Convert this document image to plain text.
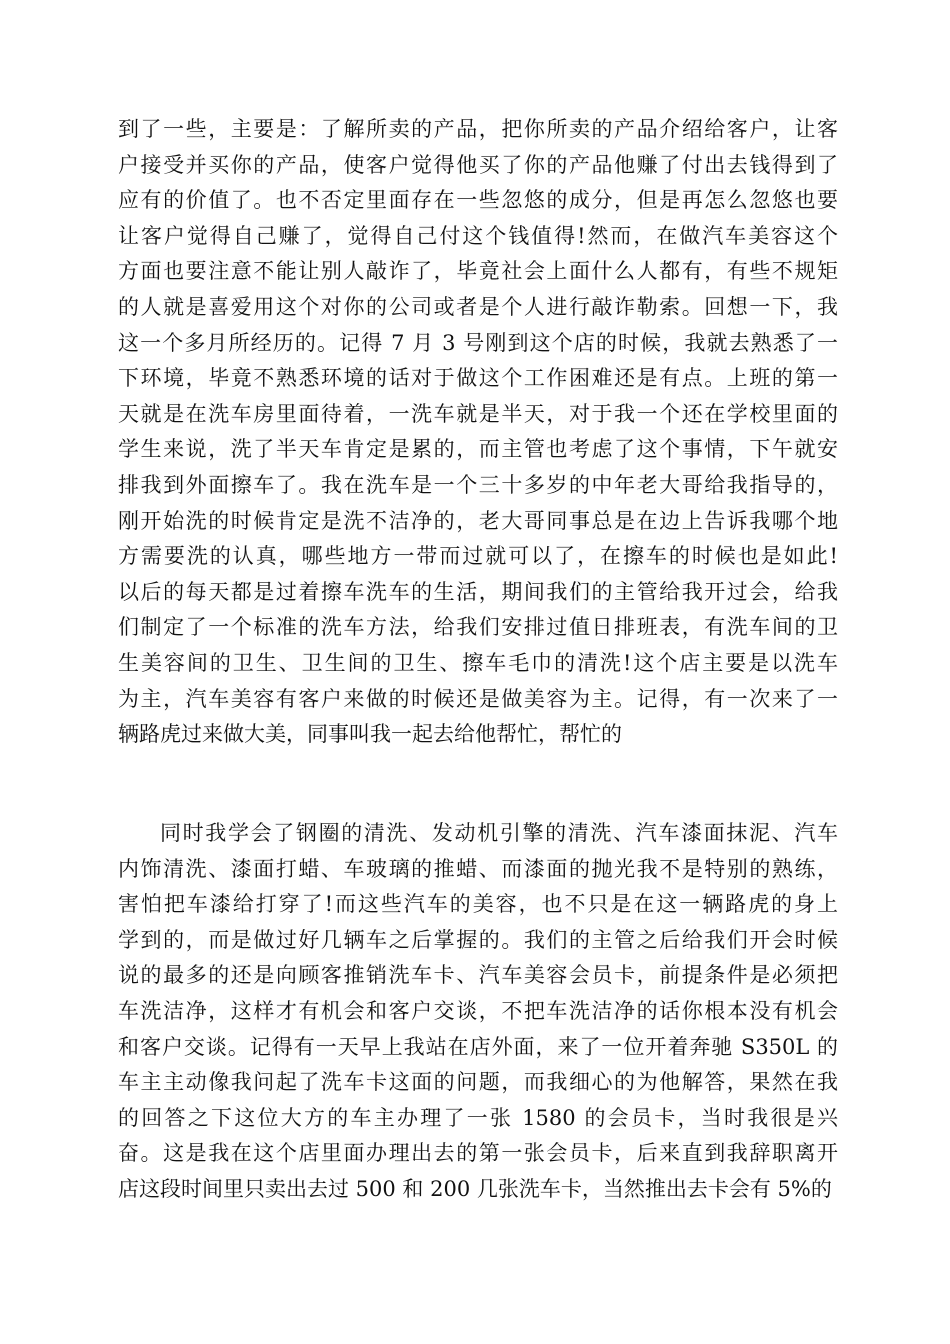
到了一些，主要是：了解所卖的产品，把你所卖的产品介绍给客户，让客
户接受并买你的产品，使客户觉得他买了你的产品他赚了付出去钱得到了
应有的价值了。也不否定里面存在一些忽悠的成分，但是再怎么忽悠也要
让客户觉得自己赚了，觉得自己付这个钱值得!然而，在做汽车美容这个
方面也要注意不能让别人敲诈了，毕竟社会上面什么人都有，有些不规矩
的人就是喜爱用这个对你的公司或者是个人进行敲诈勒索。回想一下，我
这一个多月所经历的。记得 7 月 3 号刚到这个店的时候，我就去熟悉了一
下环境，毕竟不熟悉环境的话对于做这个工作困难还是有点。上班的第一
天就是在洗车房里面待着，一洗车就是半天，对于我一个还在学校里面的
学生来说，洗了半天车肯定是累的，而主管也考虑了这个事情，下午就安
排我到外面擦车了。我在洗车是一个三十多岁的中年老大哥给我指导的，
刚开始洗的时候肯定是洗不洁净的，老大哥同事总是在边上告诉我哪个地
方需要洗的认真，哪些地方一带而过就可以了，在擦车的时候也是如此!
以后的每天都是过着擦车洗车的生活，期间我们的主管给我开过会，给我
们制定了一个标准的洗车方法，给我们安排过值日排班表，有洗车间的卫
生美容间的卫生、卫生间的卫生、擦车毛巾的清洗!这个店主要是以洗车
为主，汽车美容有客户来做的时候还是做美容为主。记得，有一次来了一
辆路虎过来做大美，同事叫我一起去给他帮忙，帮忙的
同时我学会了钢圈的清洗、发动机引擎的清洗、汽车漆面抹泥、汽车
内饰清洗、漆面打蜡、车玻璃的推蜡、而漆面的抛光我不是特别的熟练，
害怕把车漆给打穿了!而这些汽车的美容，也不只是在这一辆路虎的身上
学到的，而是做过好几辆车之后掌握的。我们的主管之后给我们开会时候
说的最多的还是向顾客推销洗车卡、汽车美容会员卡，前提条件是必须把
车洗洁净，这样才有机会和客户交谈，不把车洗洁净的话你根本没有机会
和客户交谈。记得有一天早上我站在店外面，来了一位开着奔驰 S350L 的
车主主动像我问起了洗车卡这面的问题，而我细心的为他解答，果然在我
的回答之下这位大方的车主办理了一张 1580 的会员卡，当时我很是兴
奋。这是我在这个店里面办理出去的第一张会员卡，后来直到我辞职离开
店这段时间里只卖出去过 500 和 200 几张洗车卡，当然推出去卡会有 5%的
